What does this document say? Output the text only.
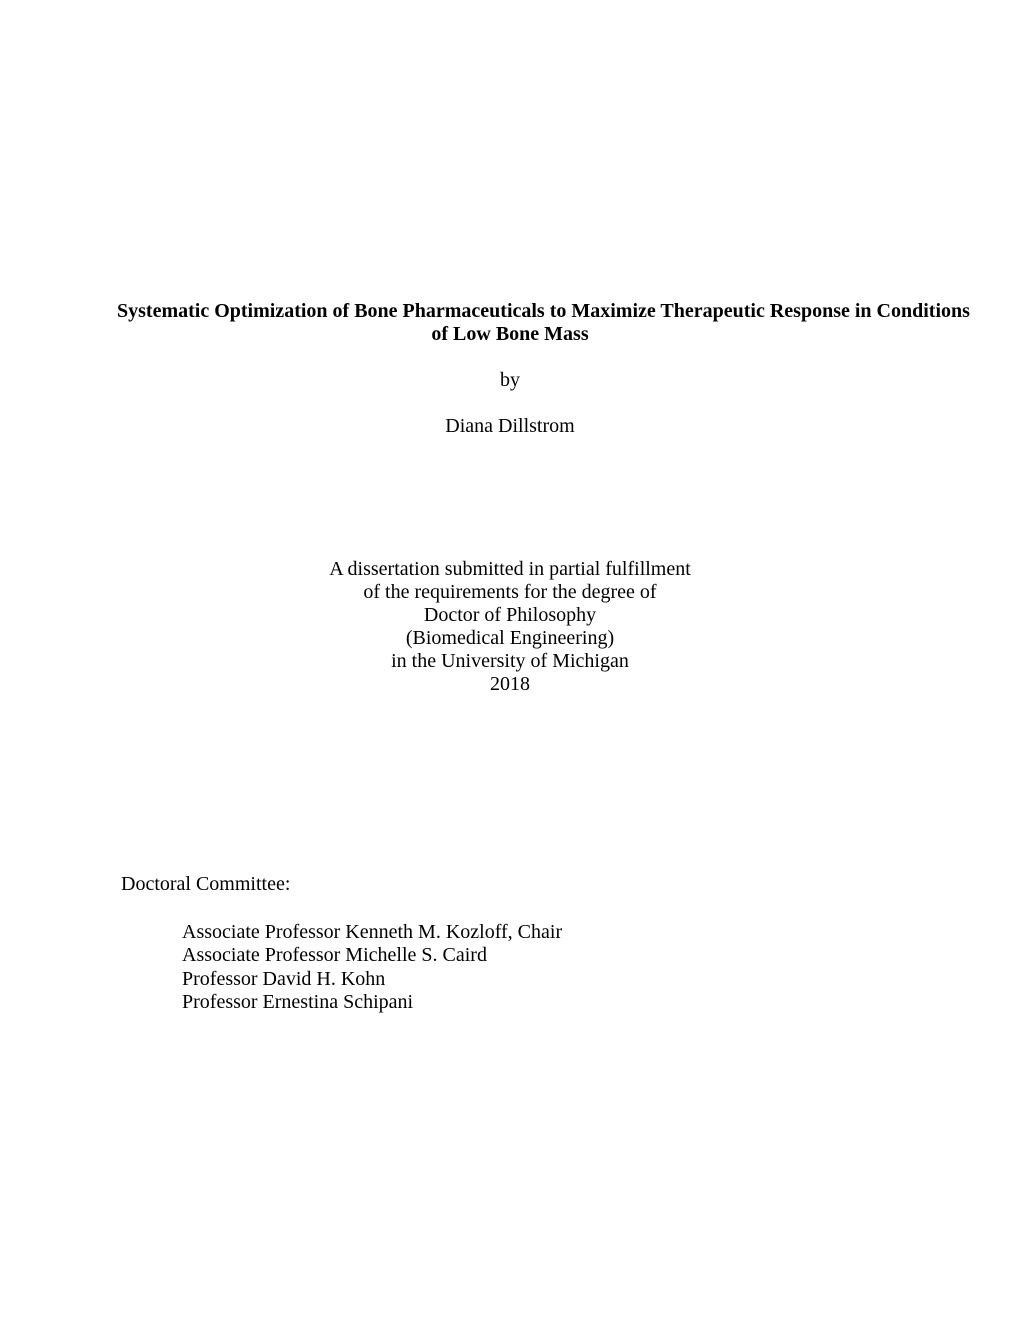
Systematic Optimization of Bone Pharmaceuticals to Maximize Therapeutic Response in Conditions
of Low Bone Mass
by
Diana Dillstrom
A dissertation submitted in partial fulfillment
of the requirements for the degree of
Doctor of Philosophy
(Biomedical Engineering)
in the University of Michigan
2018
Doctoral Committee:
Associate Professor Kenneth M. Kozloff, Chair
Associate Professor Michelle S. Caird
Professor David H. Kohn
Professor Ernestina Schipani
